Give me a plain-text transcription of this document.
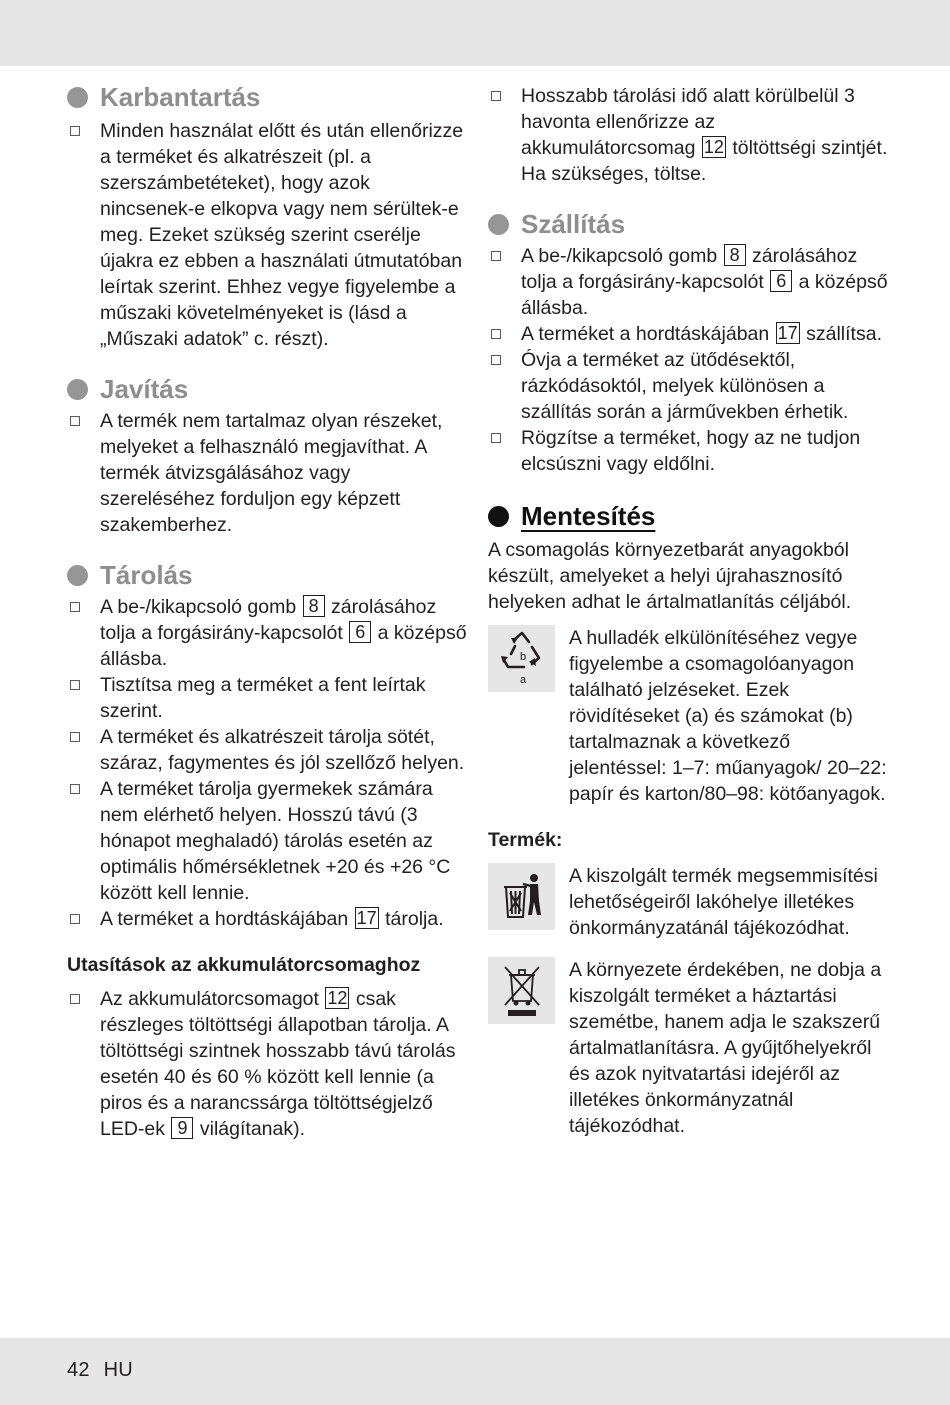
Karbantartás
Minden használat előtt és után ellenőrizze a terméket és alkatrészeit (pl. a szerszámbetéteket), hogy azok nincsenek-e elkopva vagy nem sérültek-e meg. Ezeket szükség szerint cserélje újakra ez ebben a használati útmutatóban leírtak szerint. Ehhez vegye figyelembe a műszaki követelményeket is (lásd a „Műszaki adatok” c. részt).
Javítás
A termék nem tartalmaz olyan részeket, melyeket a felhasználó megjavíthat. A termék átvizsgálásához vagy szereléséhez forduljon egy képzett szakemberhez.
Tárolás
A be-/kikapcsoló gomb 8 zárolásához tolja a forgásirány-kapcsolót 6 a középső állásba.
Tisztítsa meg a terméket a fent leírtak szerint.
A terméket és alkatrészeit tárolja sötét, száraz, fagymentes és jól szellőző helyen.
A terméket tárolja gyermekek számára nem elérhető helyen. Hosszú távú (3 hónapot meghaladó) tárolás esetén az optimális hőmérsékletnek +20 és +26 °C között kell lennie.
A terméket a hordtáskájában 17 tárolja.

Utasítások az akkumulátorcsomaghoz

Az akkumulátorcsomagot 12 csak részleges töltöttségi állapotban tárolja. A töltöttségi szintnek hosszabb távú tárolás esetén 40 és 60 % között kell lennie (a piros és a narancssárga töltöttségjelző LED-ek 9 világítanak).
Hosszabb tárolási idő alatt körülbelül 3 havonta ellenőrizze az akkumulátorcsomag 12 töltöttségi szintjét. Ha szükséges, töltse.
Szállítás
A be-/kikapcsoló gomb 8 zárolásához tolja a forgásirány-kapcsolót 6 a középső állásba.
A terméket a hordtáskájában 17 szállítsa.
Óvja a terméket az ütődésektől, rázkódásoktól, melyek különösen a szállítás során a járművekben érhetik.
Rögzítse a terméket, hogy az ne tudjon elcsúszni vagy eldőlni.
Mentesítés

A csomagolás környezetbarát anyagokból készült, amelyeket a helyi újrahasznosító helyeken adhat le ártalmatlanítás céljából.

b
a

A hulladék elkülönítéséhez vegye figyelembe a csomagolóanyagon található jelzéseket. Ezek rövidítéseket (a) és számokat (b) tartalmaznak a következő jelentéssel: 1–7: műanyagok/ 20–22: papír és karton/80–98: kötőanyagok.

Termék:

A kiszolgált termék megsemmisítési lehetőségeiről lakóhelye illetékes önkormányzatánál tájékozódhat.

A környezete érdekében, ne dobja a kiszolgált terméket a háztartási szemétbe, hanem adja le szakszerű ártalmatlanításra. A gyűjtőhelyekről és azok nyitvatartási idejéről az illetékes önkormányzatnál tájékozódhat.

42 HU
